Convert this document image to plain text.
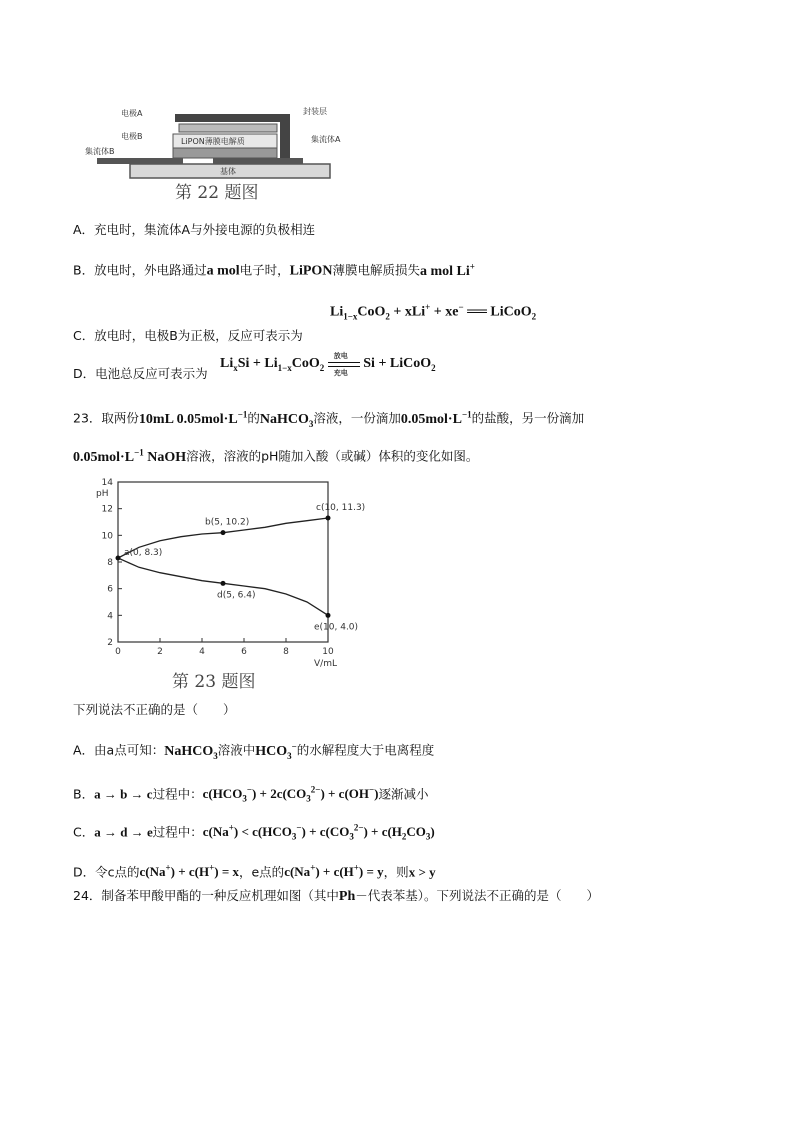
电极A
电极B
集流体B
封装层
集流体A
LiPON薄膜电解质
基体
第 22 题图
A．充电时，集流体A与外接电源的负极相连
B．放电时，外电路通过a mol电子时，LiPON薄膜电解质损失a mol Li+
$Li_{1-x}CoO_2 + xLi^+ + xe^-$ ══ LiCoO$_2$
C．放电时，电极B为正极，反应可表示为
D．电池总反应可表示为
$Li_xSi + Li_{1-x}CoO_2$
放电
充电
Si + LiCoO$_2$
23．取两份10mL $0.05mol\cdot L^{-1}$的NaHCO$_3$溶液，一份滴加$0.05mol\cdot L^{-1}$的盐酸，另一份滴加
$0.05mol\cdot L^{-1}$ NaOH溶液，溶液的pH随加入酸（或碱）体积的变化如图。
2
4
6
8
10
12
14
0	2	4	6	8	10
pH
V/mL
a(0, 8.3)
b(5, 10.2)
c(10, 11.3)
d(5, 6.4)
e(10, 4.0)
第 23 题图
下列说法不正确的是（　　）
A．由a点可知：NaHCO$_3$溶液中$HCO_3^-$的水解程度大于电离程度
B．a → b → c过程中：$c(HCO_3^-) + 2c(CO_3^{2-}) + c(OH^-)$逐渐减小
C．a → d → e过程中：$c(Na^+) < c(HCO_3^-) + c(CO_3^{2-}) + c(H_2CO_3)$
D．令c点的c(Na+) + c(H+) = x，e点的c(Na+) + c(H+) = y，则x > y
24．制备苯甲酸甲酯的一种反应机理如图（其中Ph－代表苯基）。下列说法不正确的是（　　）
